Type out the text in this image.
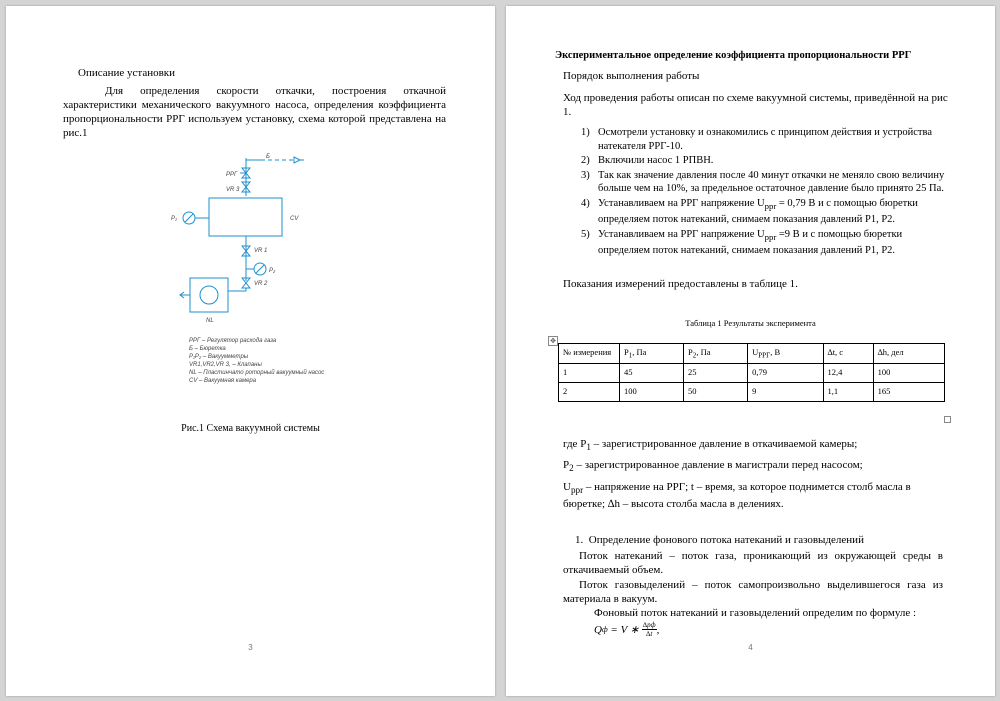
Описание установки
Для определения скорости откачки, построения откачной характеристики механического вакуумного насоса, определения коэффициента пропорциональности РРГ используем установку, схема которой представлена на рис.1
Б
РРГ
VR 3
P₁	CV
VR 1
P₂
VR 2
NL
РРГ – Регулятор расхода газа
Б – Бюретка
P₁P₂ – Вакуумметры
VR1,VR2,VR 3, – Клапаны
NL – Пластинчато роторный вакуумный насос
CV – Вакуумная камера
Рис.1 Схема вакуумной системы
3
Экспериментальное определение коэффициента пропорциональности РРГ
Порядок выполнения работы
Ход проведения работы описан по схеме вакуумной системы, приведённой на рис 1.
1) Осмотрели установку и ознакомились с принципом действия и устройства натекателя РРГ-10.
2) Включили насос 1 РПВН.
3) Так как значение давления после 40 минут откачки не меняло свою величину больше чем на 10%, за предельное остаточное давление было принято 25 Па.
4) Устанавливаем на РРГ напряжение $U_{ppr} = 0,79$ В и с помощью бюретки определяем поток натеканий, снимаем показания давлений P1, P2.
5) Устанавливаем на РРГ напряжение $U_{ppr} =9$ В и с помощью бюретки определяем поток натеканий, снимаем показания давлений P1, P2.
Показания измерений предоставлены в таблице 1.
Таблица 1 Результаты эксперимента
✥
№ измерения	$P_1$, Па	$P_2$, Па	$U_{РРГ}$, В	∆t, с	∆h, дел
1	45	25	0,79	12,4	100
2	100	50	9	1,1	165
где $P_1$ – зарегистрированное давление в откачиваемой камеры;
$P_2$ – зарегистрированное давление в магистрали перед насосом;
$U_{ppr}$ – напряжение на РРГ; t – время, за которое поднимется столб масла в бюретке; ∆h – высота столба масла в делениях.
1. Определение фонового потока натеканий и газовыделений
Поток натеканий – поток газа, проникающий из окружающей среды в откачиваемый объем.
Поток газовыделений – поток самопроизвольно выделившегося газа из материала в вакуум.
Фоновый поток натеканий и газовыделений определим по формуле :
Q ф = V ∗ ∆pф
∆t ,
4
